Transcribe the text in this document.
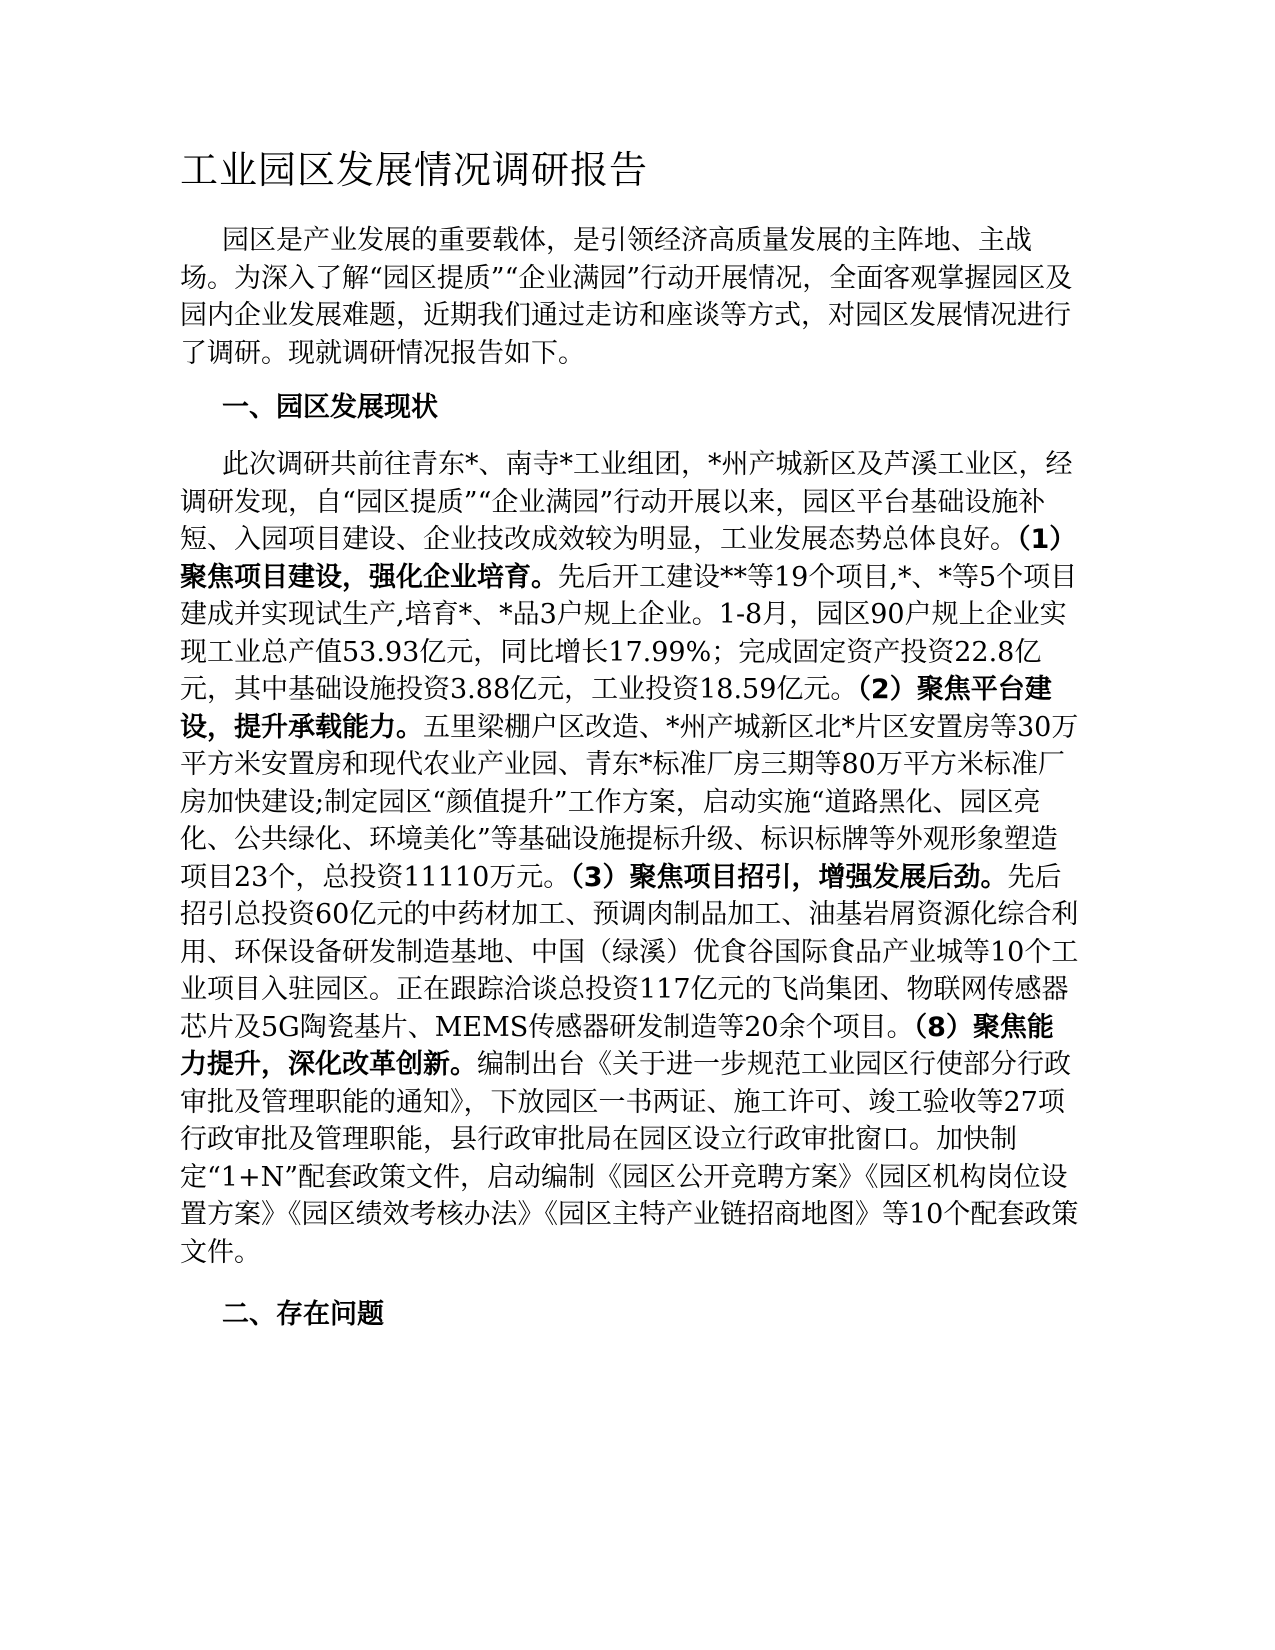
工业园区发展情况调研报告

园区是产业发展的重要载体，是引领经济高质量发展的主阵地、主战场。为深入了解“园区提质”“企业满园”行动开展情况，全面客观掌握园区及园内企业发展难题，近期我们通过走访和座谈等方式，对园区发展情况进行了调研。现就调研情况报告如下。

一、园区发展现状

此次调研共前往青东*、南寺*工业组团，*州产城新区及芦溪工业区，经调研发现，自“园区提质”“企业满园”行动开展以来，园区平台基础设施补短、入园项目建设、企业技改成效较为明显，工业发展态势总体良好。（1）聚焦项目建设，强化企业培育。先后开工建设**等19个项目,*、*等5个项目建成并实现试生产,培育*、*品3户规上企业。1-8月，园区90户规上企业实现工业总产值53.93亿元，同比增长17.99%；完成固定资产投资22.8亿元，其中基础设施投资3.88亿元，工业投资18.59亿元。（2）聚焦平台建设，提升承载能力。五里梁棚户区改造、*州产城新区北*片区安置房等30万平方米安置房和现代农业产业园、青东*标准厂房三期等80万平方米标准厂房加快建设;制定园区“颜值提升”工作方案，启动实施“道路黑化、园区亮化、公共绿化、环境美化”等基础设施提标升级、标识标牌等外观形象塑造项目23个，总投资11110万元。（3）聚焦项目招引，增强发展后劲。先后招引总投资60亿元的中药材加工、预调肉制品加工、油基岩屑资源化综合利用、环保设备研发制造基地、中国（绿溪）优食谷国际食品产业城等10个工业项目入驻园区。正在跟踪洽谈总投资117亿元的飞尚集团、物联网传感器芯片及5G陶瓷基片、MEMS传感器研发制造等20余个项目。（8）聚焦能力提升，深化改革创新。编制出台《关于进一步规范工业园区行使部分行政审批及管理职能的通知》，下放园区一书两证、施工许可、竣工验收等27项行政审批及管理职能，县行政审批局在园区设立行政审批窗口。加快制定“1+N”配套政策文件，启动编制《园区公开竞聘方案》《园区机构岗位设置方案》《园区绩效考核办法》《园区主特产业链招商地图》等10个配套政策文件。

二、存在问题
